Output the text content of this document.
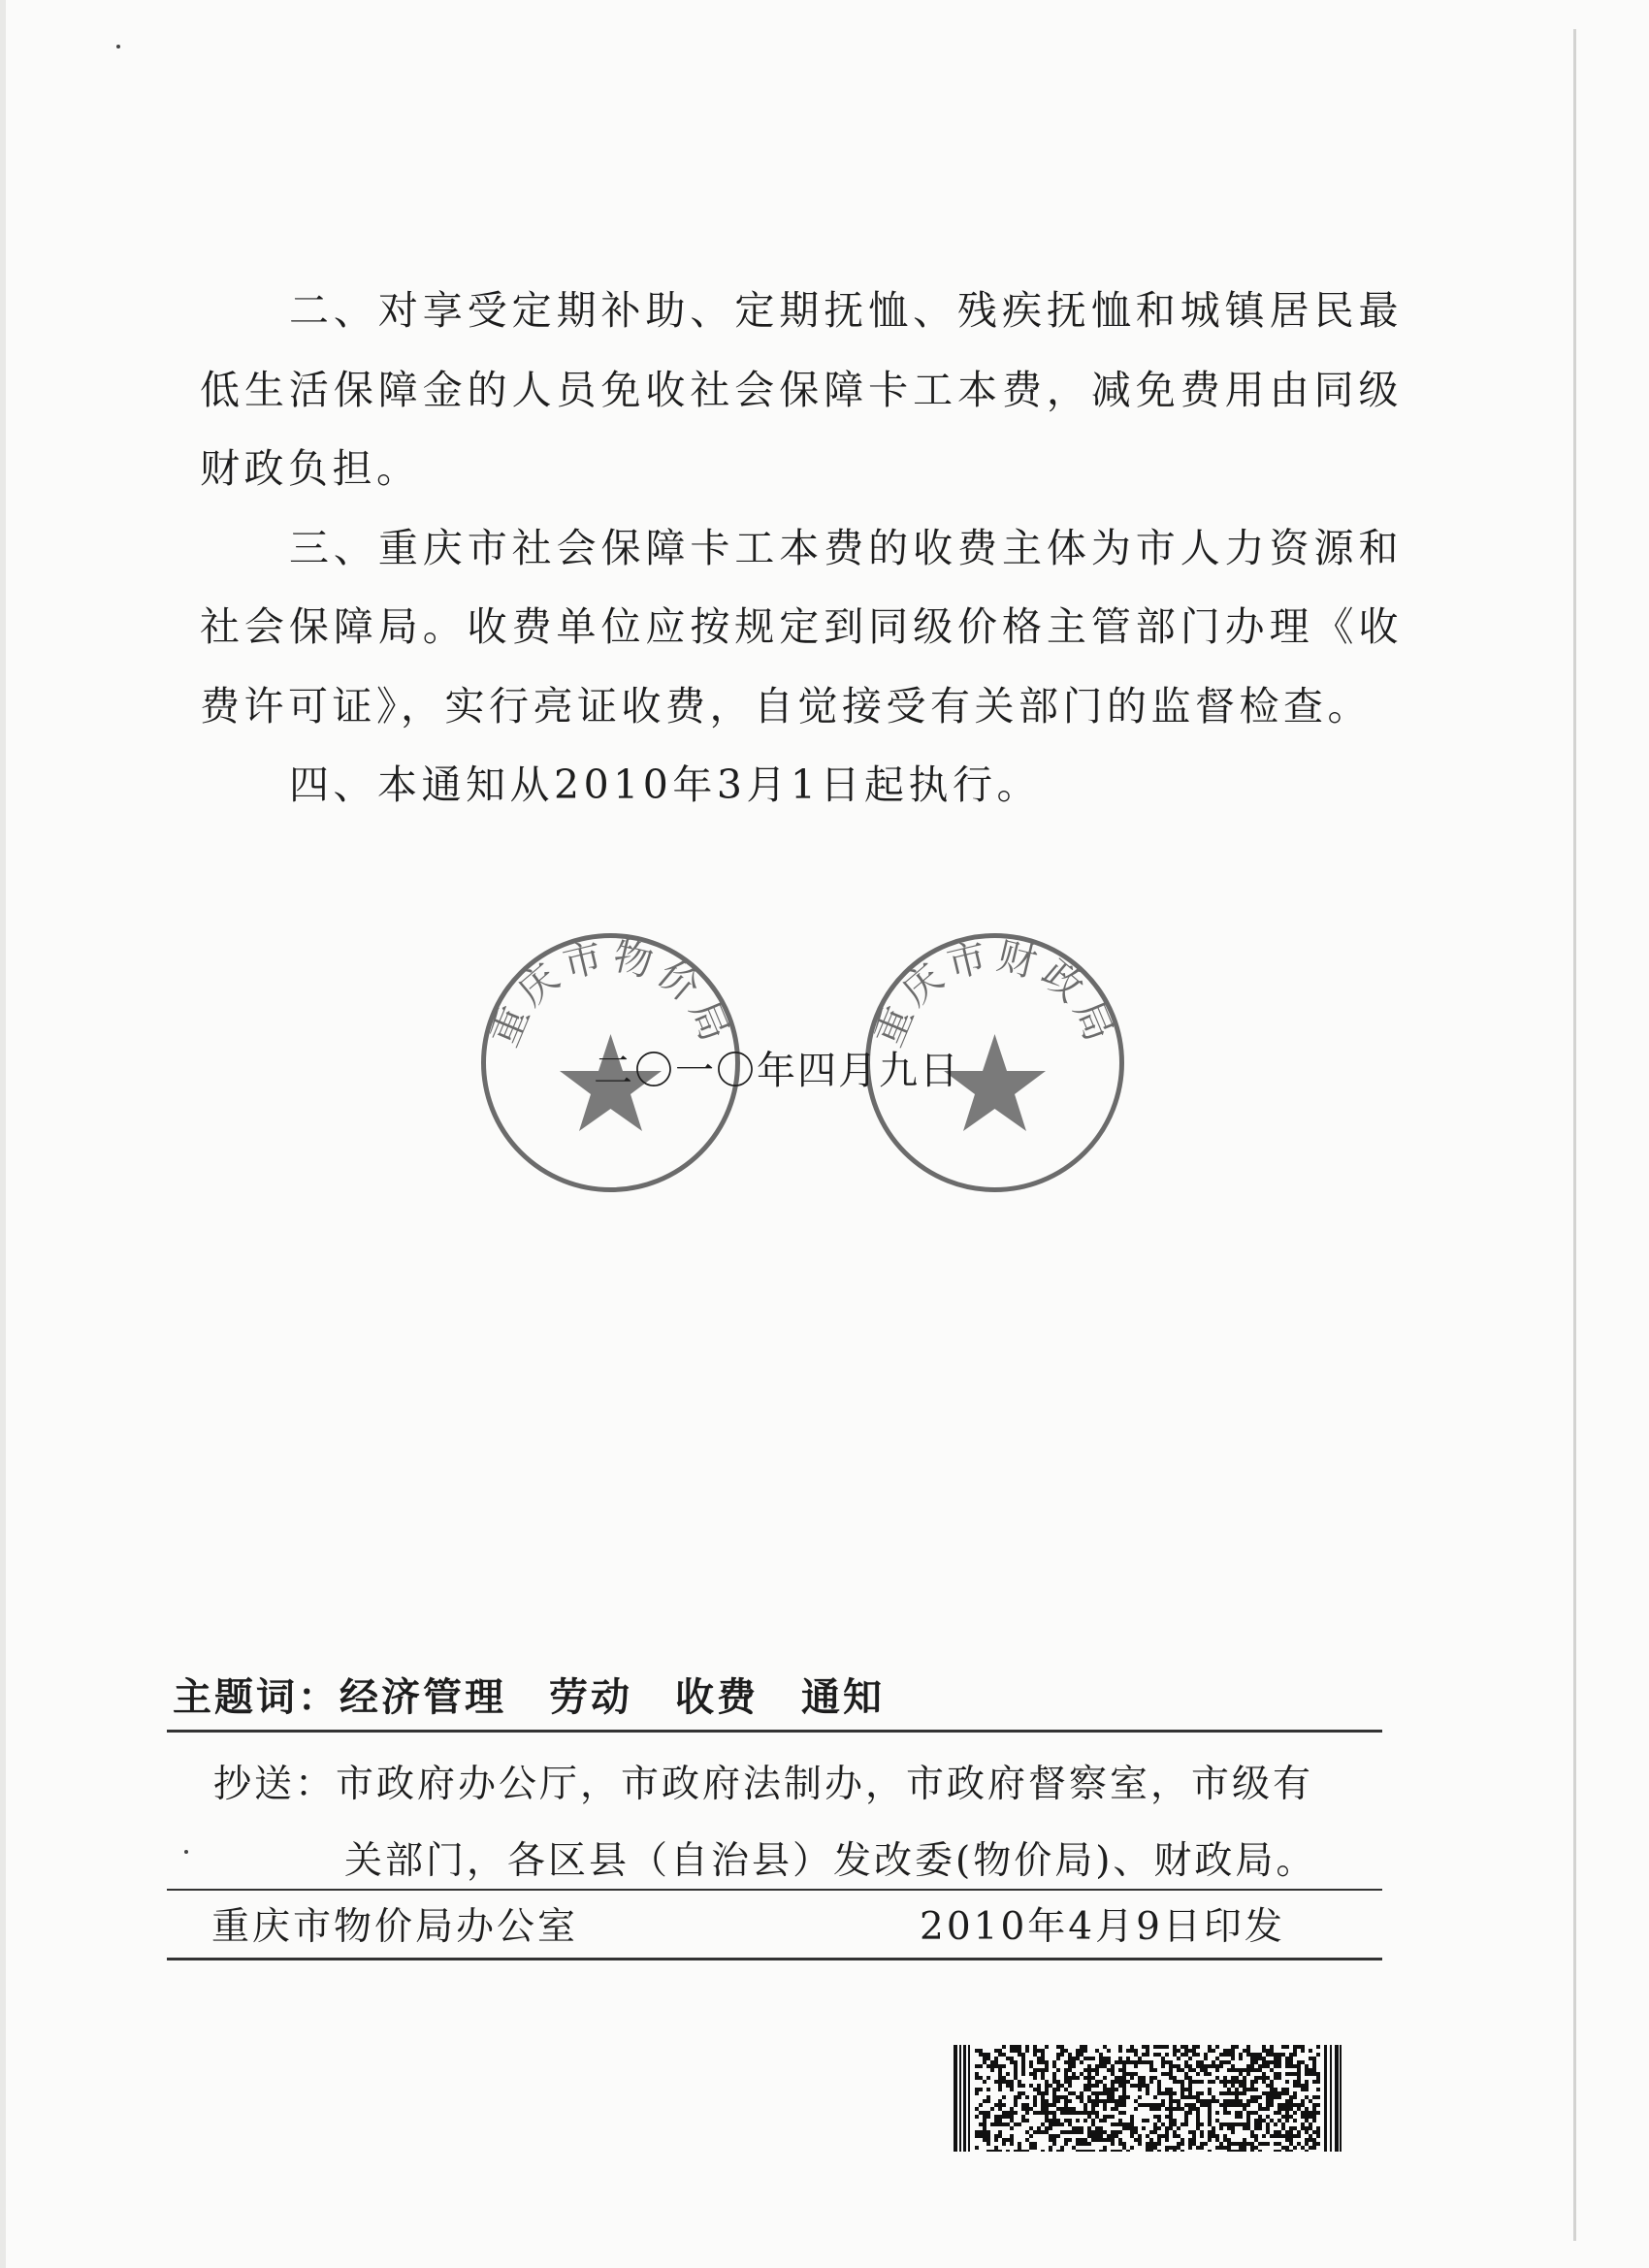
二、对享受定期补助、定期抚恤、残疾抚恤和城镇居民最低生活保障金的人员免收社会保障卡工本费，减免费用由同级财政负担。

三、重庆市社会保障卡工本费的收费主体为市人力资源和社会保障局。收费单位应按规定到同级价格主管部门办理《收费许可证》，实行亮证收费，自觉接受有关部门的监督检查。

四、本通知从2010年3月1日起执行。

重庆市物价局	重庆市财政局
二〇一〇年四月九日
主题词：经济管理 劳动 收费 通知
抄送：市政府办公厅，市政府法制办，市政府督察室，市级有
关部门，各区县（自治县）发改委(物价局)、财政局。
重庆市物价局办公室	2010年4月9日印发
